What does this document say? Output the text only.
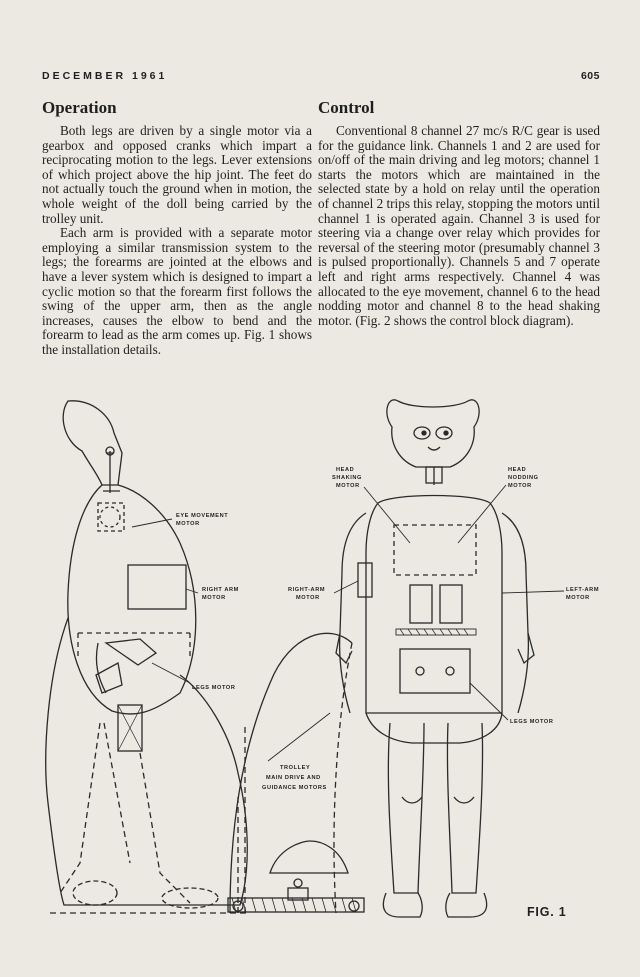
DECEMBER 1961	605
Operation

Both legs are driven by a single motor via a gearbox and opposed cranks which impart a reciprocating motion to the legs. Lever extensions of which project above the hip joint. The feet do not actually touch the ground when in motion, the whole weight of the doll being carried by the trolley unit.

Each arm is provided with a separate motor employing a similar transmission system to the legs; the forearms are jointed at the elbows and have a lever system which is designed to impart a cyclic motion so that the forearm first follows the swing of the upper arm, then as the angle increases, causes the elbow to bend and the forearm to lead as the arm comes up. Fig. 1 shows the installation details.

Control

Conventional 8 channel 27 mc/s R/C gear is used for the guidance link. Channels 1 and 2 are used for on/off of the main driving and leg motors; channel 1 starts the motors which are maintained in the selected state by a hold on relay until the operation of channel 2 trips this relay, stopping the motors until channel 1 is operated again. Channel 3 is used for steering via a change over relay which provides for reversal of the steering motor (presumably channel 3 is pulsed proportionally). Channels 5 and 7 operate left and right arms respectively. Channel 4 was allocated to the eye movement, channel 6 to the head nodding motor and channel 8 to the head shaking motor. (Fig. 2 shows the control block diagram).

EYE MOVEMENT
MOTOR
RIGHT ARM
MOTOR
LEGS MOTOR
HEAD
SHAKING
MOTOR
HEAD
NODDING
MOTOR
RIGHT-ARM
MOTOR
LEFT-ARM
MOTOR
LEGS MOTOR
TROLLEY
MAIN DRIVE AND
GUIDANCE MOTORS
FIG. 1
